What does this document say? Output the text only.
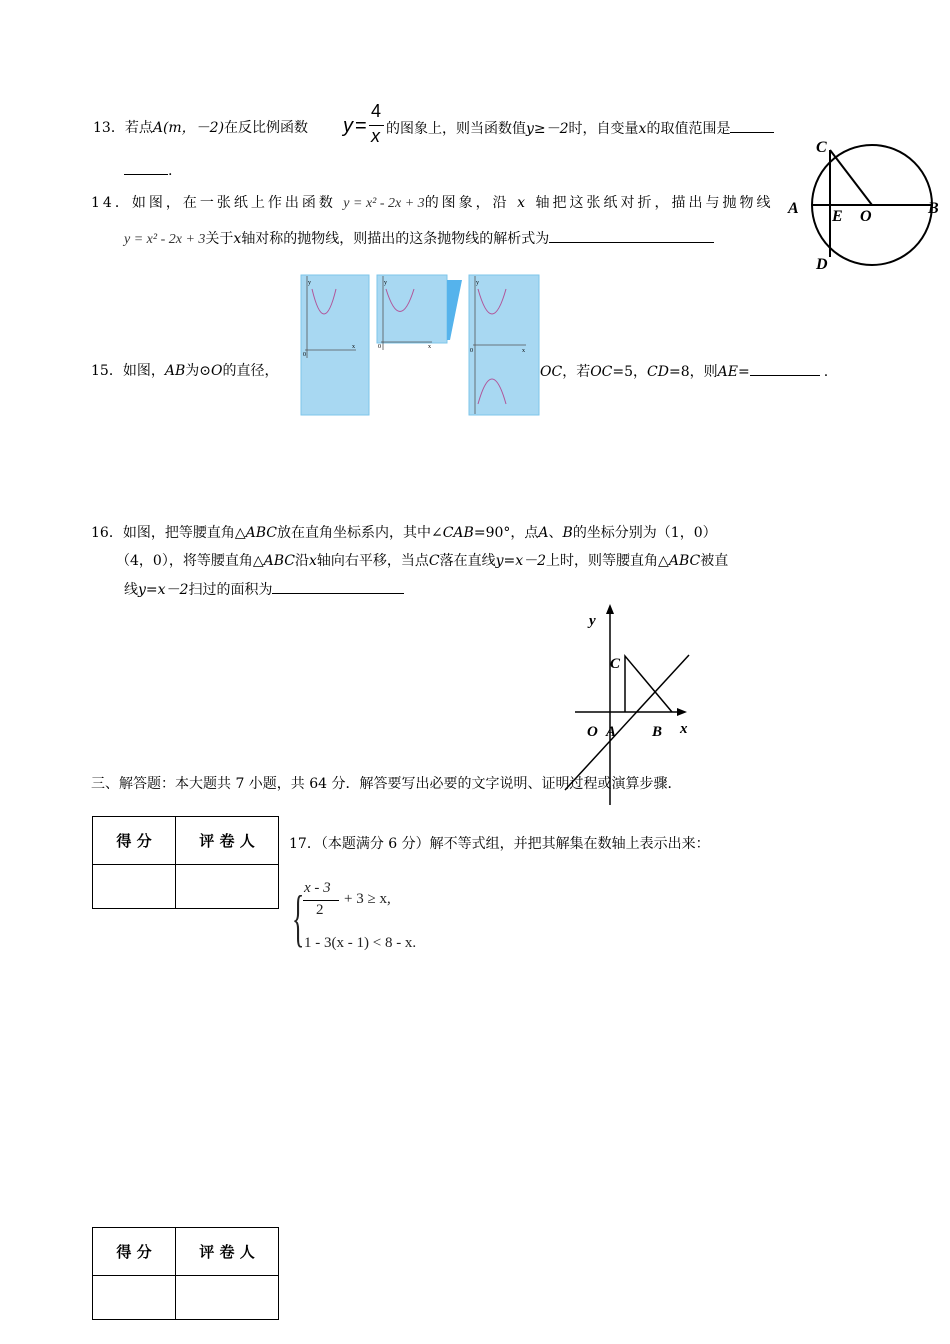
13．若点A(m，－2)在反比例函数 y =
4
x 的图象上，则当函数值y≥－2时，自变量x的取值范围是
.
C
A E O	B
D
14．如图，在一张纸上作出函数 y = x² - 2x + 3的图象，沿 x 轴把这张纸对折，描出与抛物线
y = x² - 2x + 3关于x轴对称的抛物线，则描出的这条抛物线的解析式为
15．如图，AB为⊙O的直径，	OC，若OC=5，CD=8，则AE=	.
y
x
0
y
x
0
y
x
0
16．如图，把等腰直角△ABC放在直角坐标系内，其中∠CAB=90°，点A、B的坐标分别为（1，0）
（4，0），将等腰直角△ABC沿x轴向右平移，当点C落在直线y=x－2上时，则等腰直角△ABC被直
线y=x－2扫过的面积为
y
C
O A B x
三、解答题：本大题共 7 小题，共 64 分．解答要写出必要的文字说明、证明过程或演算步骤．
得 分	评 卷 人
	17．（本题满分 6 分）解不等式组，并把其解集在数轴上表示出来：
{ x - 3
2
+ 3 ≥ x,
1 - 3(x - 1) < 8 - x.
得 分	评 卷 人
